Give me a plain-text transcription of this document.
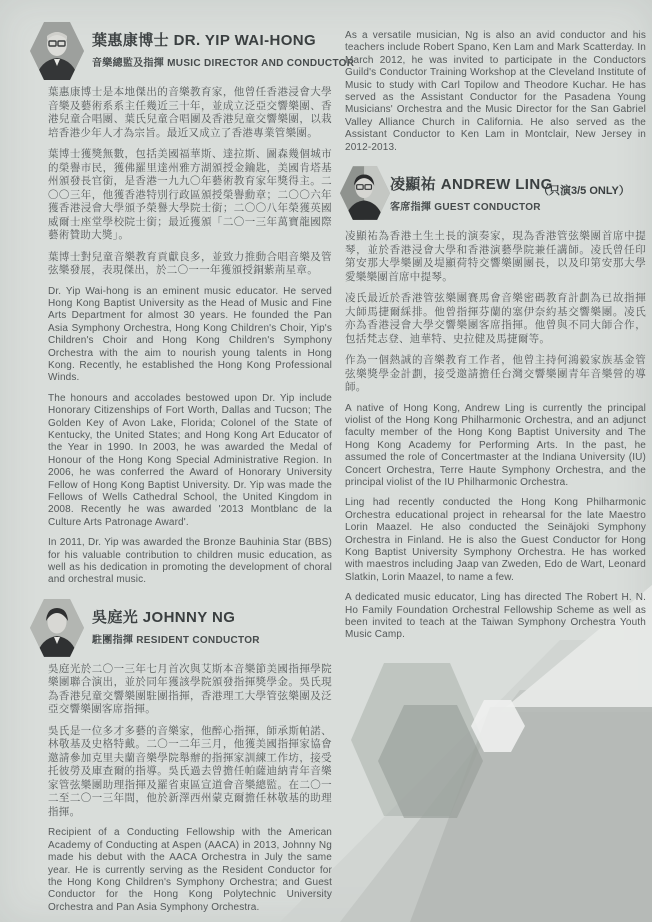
葉惠康博士 DR. YIP WAI-HONG
音樂總監及指揮 MUSIC DIRECTOR AND CONDUCTOR

葉惠康博士是本地傑出的音樂教育家，他曾任香港浸會大學音樂及藝術系系主任幾近三十年，並成立泛亞交響樂團、香港兒童合唱團、葉氏兒童合唱團及香港兒童交響樂團，以栽培香港少年人才為宗旨。最近又成立了香港專業管樂團。

葉博士獲獎無數，包括美國福華斯、達拉斯、圖森幾個城市的榮譽市民，獲佛羅里達州雅方湖頒授金鑰匙，美國肯塔基州頒發長官銜，是香港一九九〇年藝術教育家年獎得主。二〇〇三年，他獲香港特別行政區頒授榮譽勳章；二〇〇六年獲香港浸會大學頒予榮譽大學院士銜；二〇〇八年榮獲英國威爾士座堂學校院士銜；最近獲頒「二〇一三年萬寶龍國際藝術贊助大獎」。

葉博士對兒童音樂教育貢獻良多，並致力推動合唱音樂及管弦樂發展，表現傑出，於二〇一一年獲頒授銅紫荊星章。

Dr. Yip Wai-hong is an eminent music educator. He served Hong Kong Baptist University as the Head of Music and Fine Arts Department for almost 30 years. He founded the Pan Asia Symphony Orchestra, Hong Kong Children's Choir, Yip's Children's Choir and Hong Kong Children's Symphony Orchestra with the aim to nourish young talents in Hong Kong. Recently, he established the Hong Kong Professional Winds.

The honours and accolades bestowed upon Dr. Yip include Honorary Citizenships of Fort Worth, Dallas and Tucson; The Golden Key of Avon Lake, Florida; Colonel of the State of Kentucky, the United States; and Hong Kong Art Educator of the Year in 1990. In 2003, he was awarded the Medal of Honour of the Hong Kong Special Administrative Region. In 2006, he was conferred the Award of Honorary University Fellow of Hong Kong Baptist University. Dr. Yip was made the Fellows of Wells Cathedral School, the United Kingdom in 2008. Recently he was awarded '2013 Montblanc de la Culture Arts Patronage Award'.

In 2011, Dr. Yip was awarded the Bronze Bauhinia Star (BBS) for his valuable contribution to children music education, as well as his dedication in promoting the development of choral and orchestral music.

吳庭光 JOHNNY NG
駐團指揮 RESIDENT CONDUCTOR

吳庭光於二〇一三年七月首次與艾斯本音樂節美國指揮學院樂團聯合演出，並於同年獲該學院頒發指揮獎學金。吳氏現為香港兒童交響樂團駐團指揮，香港理工大學管弦樂團及泛亞交響樂團客席指揮。

吳氏是一位多才多藝的音樂家，他醉心指揮，師承斯帕諾、林敬基及史格特戴。二〇一二年三月，他獲美國指揮家協會邀請參加克里夫蘭音樂學院舉辦的指揮家訓練工作坊，接受托彼勞及庫查爾的指導。吳氏過去曾擔任帕薩迪納青年音樂家管弦樂團助理指揮及羅省東區宣道會音樂總監。在二〇一二至二〇一三年間，他於新澤西州蒙克爾擔任林敬基的助理指揮。

Recipient of a Conducting Fellowship with the American Academy of Conducting at Aspen (AACA) in 2013, Johnny Ng made his debut with the AACA Orchestra in July the same year. He is currently serving as the Resident Conductor for the Hong Kong Children's Symphony Orchestra; and Guest Conductor for the Hong Kong Polytechnic University Orchestra and Pan Asia Symphony Orchestra.

As a versatile musician, Ng is also an avid conductor and his teachers include Robert Spano, Ken Lam and Mark Scatterday. In March 2012, he was invited to participate in the Conductors Guild's Conductor Training Workshop at the Cleveland Institute of Music to study with Carl Topilow and Theodore Kuchar. He has served as the Assistant Conductor for the Pasadena Young Musicians' Orchestra and the Music Director for the San Gabriel Valley Alliance Church in California. He also served as the Assistant Conductor to Ken Lam in Montclair, New Jersey in 2012-2013.

凌顯祐 ANDREW LING
客席指揮 GUEST CONDUCTOR
（只演3/5 ONLY）

凌顯祐為香港土生土長的演奏家，現為香港管弦樂團首席中提琴，並於香港浸會大學和香港演藝學院兼任講師。凌氏曾任印第安那大學樂團及堤顯荷特交響樂團團長，以及印第安那大學愛樂樂團首席中提琴。

凌氏最近於香港管弦樂團賽馬會音樂密碼教育計劃為已故指揮大師馬捷爾綵排。他曾指揮芬蘭的塞伊奈約基交響樂團。凌氏亦為香港浸會大學交響樂團客席指揮。他曾與不同大師合作，包括梵志登、迪華特、史拉健及馬捷爾等。

作為一個熱誠的音樂教育工作者，他曾主持何鴻毅家族基金管弦樂獎學金計劃，接受邀請擔任台灣交響樂團青年音樂營的導師。

A native of Hong Kong, Andrew Ling is currently the principal violist of the Hong Kong Philharmonic Orchestra, and an adjunct faculty member of the Hong Kong Baptist University and The Hong Kong Academy for Performing Arts. In the past, he assumed the role of Concertmaster at the Indiana University (IU) Concert Orchestra, Terre Haute Symphony Orchestra, and the principal violist of the IU Philharmonic Orchestra.

Ling had recently conducted the Hong Kong Philharmonic Orchestra educational project in rehearsal for the late Maestro Lorin Maazel. He also conducted the Seinäjoki Symphony Orchestra in Finland. He is also the Guest Conductor for Hong Kong Baptist University Symphony Orchestra. He has worked with maestros including Jaap van Zweden, Edo de Wart, Leonard Slatkin, Lorin Maazel, to name a few.

A dedicated music educator, Ling has directed The Robert H. N. Ho Family Foundation Orchestral Fellowship Scheme as well as been invited to teach at the Taiwan Symphony Orchestra Youth Music Camp.
